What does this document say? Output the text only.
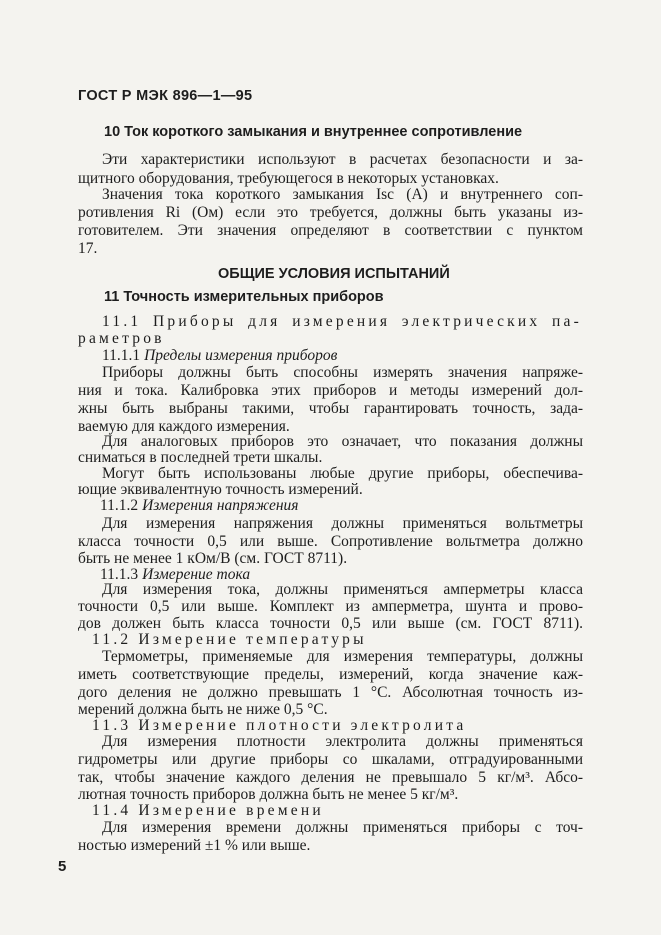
ГОСТ Р МЭК 896—1—95
10 Ток короткого замыкания и внутреннее сопротивление
Эти характеристики используют в расчетах безопасности и за-
щитного оборудования, требующегося в некоторых установках.
Значения тока короткого замыкания Isc (А) и внутреннего соп-
ротивления Ri (Ом) если это требуется, должны быть указаны из-
готовителем. Эти значения определяют в соответствии с пунктом
17.
ОБЩИЕ УСЛОВИЯ ИСПЫТАНИЙ
11 Точность измерительных приборов
11.1 Приборы для измерения электрических па-
раметров
11.1.1 Пределы измерения приборов
Приборы должны быть способны измерять значения напряже-
ния и тока. Калибровка этих приборов и методы измерений дол-
жны быть выбраны такими, чтобы гарантировать точность, зада-
ваемую для каждого измерения.
Для аналоговых приборов это означает, что показания должны
сниматься в последней трети шкалы.
Могут быть использованы любые другие приборы, обеспечива-
ющие эквивалентную точность измерений.
11.1.2 Измерения напряжения
Для измерения напряжения должны применяться вольтметры
класса точности 0,5 или выше. Сопротивление вольтметра должно
быть не менее 1 кОм/В (см. ГОСТ 8711).
11.1.3 Измерение тока
Для измерения тока, должны применяться амперметры класса
точности 0,5 или выше. Комплект из амперметра, шунта и прово-
дов должен быть класса точности 0,5 или выше (см. ГОСТ 8711).
11.2 Измерение температуры
Термометры, применяемые для измерения температуры, должны
иметь соответствующие пределы, измерений, когда значение каж-
дого деления не должно превышать 1 °С. Абсолютная точность из-
мерений должна быть не ниже 0,5 °С.
11.3 Измерение плотности электролита
Для измерения плотности электролита должны применяться
гидрометры или другие приборы со шкалами, отградуированными
так, чтобы значение каждого деления не превышало 5 кг/м³. Абсо-
лютная точность приборов должна быть не менее 5 кг/м³.
11.4 Измерение времени
Для измерения времени должны применяться приборы с точ-
ностью измерений ±1 % или выше.
5
